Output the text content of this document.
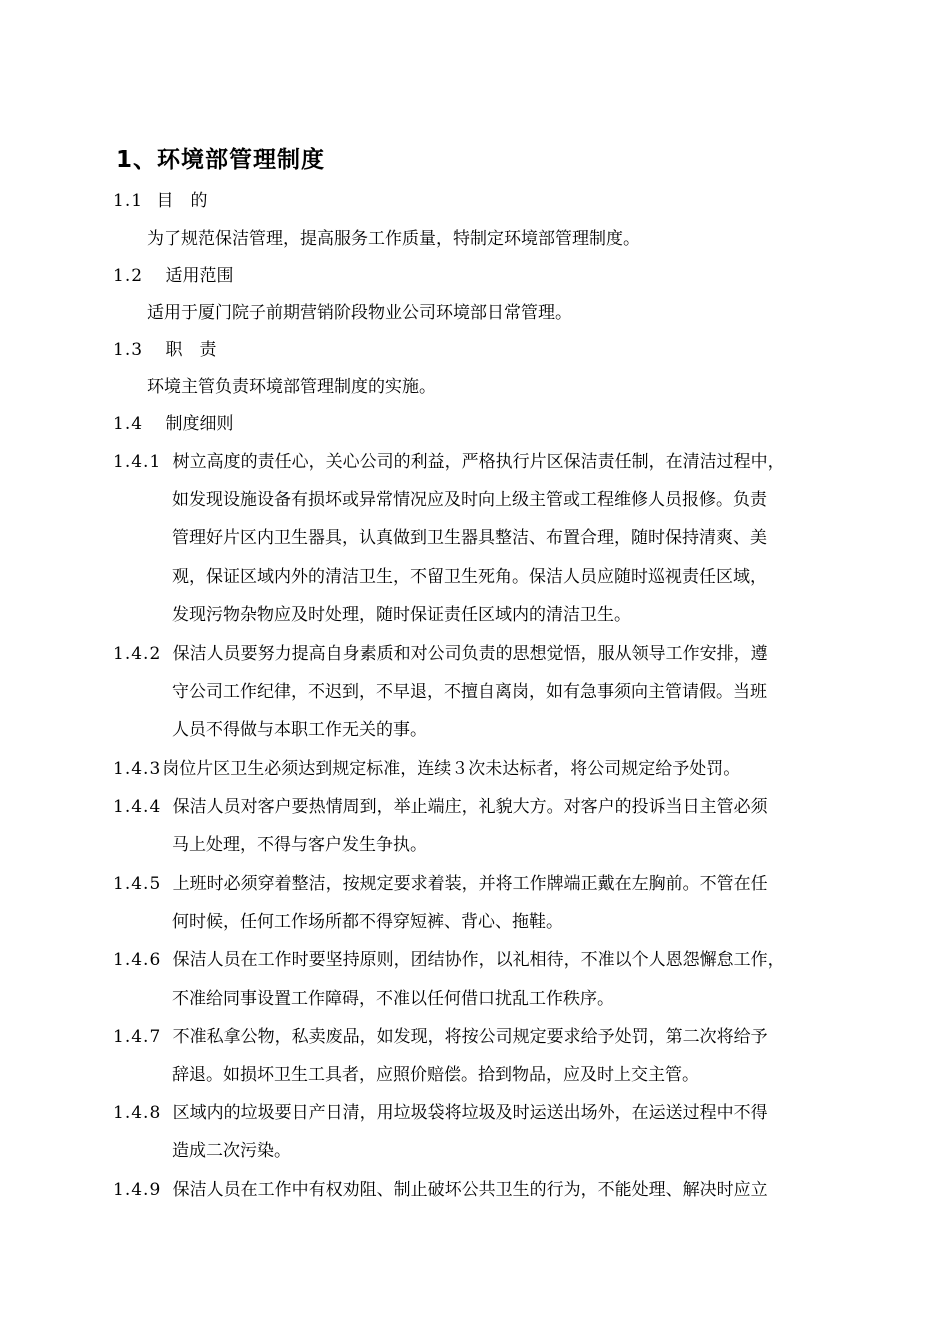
1、环境部管理制度
1.1 目　的
为了规范保洁管理，提高服务工作质量，特制定环境部管理制度。
1.2 适用范围
适用于厦门院子前期营销阶段物业公司环境部日常管理。
1.3 职　责
环境主管负责环境部管理制度的实施。
1.4 制度细则
1.4.1 树立高度的责任心，关心公司的利益，严格执行片区保洁责任制，在清洁过程中，
如发现设施设备有损坏或异常情况应及时向上级主管或工程维修人员报修。负责
管理好片区内卫生器具，认真做到卫生器具整洁、布置合理，随时保持清爽、美
观，保证区域内外的清洁卫生，不留卫生死角。保洁人员应随时巡视责任区域，
发现污物杂物应及时处理，随时保证责任区域内的清洁卫生。
1.4.2 保洁人员要努力提高自身素质和对公司负责的思想觉悟，服从领导工作安排，遵
守公司工作纪律，不迟到，不早退，不擅自离岗，如有急事须向主管请假。当班
人员不得做与本职工作无关的事。
1.4.3岗位片区卫生必须达到规定标准，连续３次未达标者，将公司规定给予处罚。
1.4.4 保洁人员对客户要热情周到，举止端庄，礼貌大方。对客户的投诉当日主管必须
马上处理，不得与客户发生争执。
1.4.5 上班时必须穿着整洁，按规定要求着装，并将工作牌端正戴在左胸前。不管在任
何时候，任何工作场所都不得穿短裤、背心、拖鞋。
1.4.6 保洁人员在工作时要坚持原则，团结协作，以礼相待，不准以个人恩怨懈怠工作，
不准给同事设置工作障碍，不准以任何借口扰乱工作秩序。
1.4.7 不准私拿公物，私卖废品，如发现，将按公司规定要求给予处罚，第二次将给予
辞退。如损坏卫生工具者，应照价赔偿。拾到物品，应及时上交主管。
1.4.8 区域内的垃圾要日产日清，用垃圾袋将垃圾及时运送出场外，在运送过程中不得
造成二次污染。
1.4.9 保洁人员在工作中有权劝阻、制止破坏公共卫生的行为，不能处理、解决时应立
